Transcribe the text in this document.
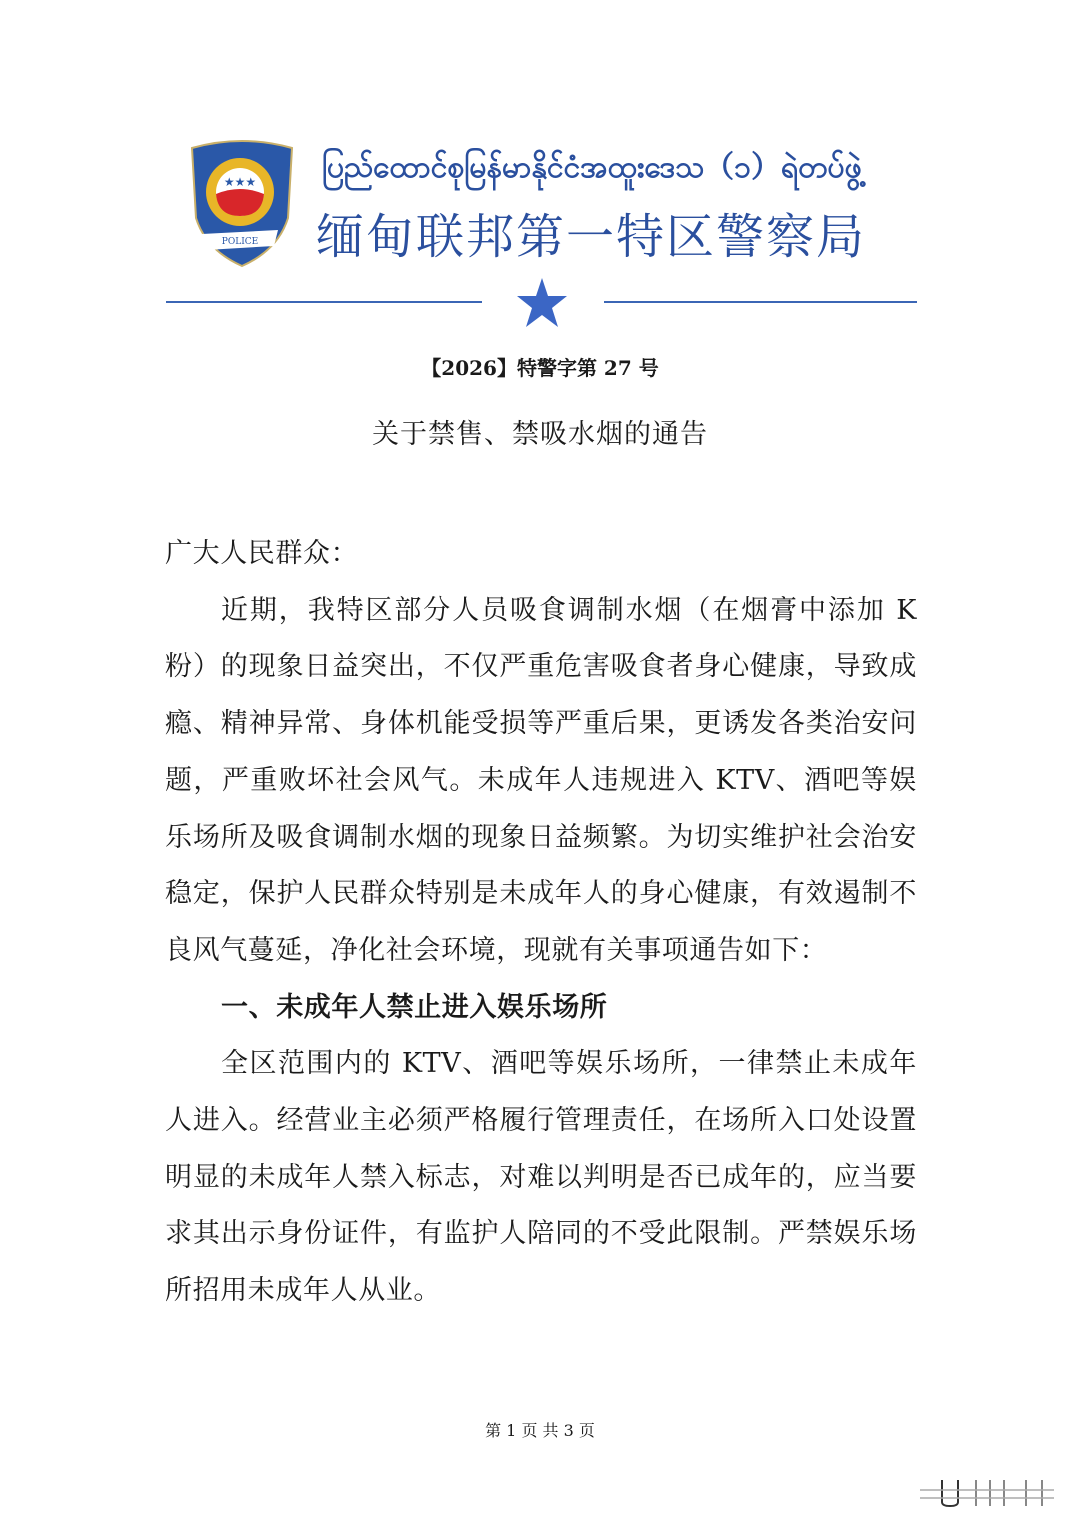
★★★
POLICE
ပြည်ထောင်စုမြန်မာနိုင်ငံအထူးဒေသ（၁）ရဲတပ်ဖွဲ့
缅甸联邦第一特区警察局
【2026】特警字第 27 号
关于禁售、禁吸水烟的通告

广大人民群众：

近期，我特区部分人员吸食调制水烟（在烟膏中添加 K 粉）的现象日益突出，不仅严重危害吸食者身心健康，导致成瘾、精神异常、身体机能受损等严重后果，更诱发各类治安问题，严重败坏社会风气。未成年人违规进入 KTV、酒吧等娱乐场所及吸食调制水烟的现象日益频繁。为切实维护社会治安稳定，保护人民群众特别是未成年人的身心健康，有效遏制不良风气蔓延，净化社会环境，现就有关事项通告如下：

一、未成年人禁止进入娱乐场所

全区范围内的 KTV、酒吧等娱乐场所，一律禁止未成年人进入。经营业主必须严格履行管理责任，在场所入口处设置明显的未成年人禁入标志，对难以判明是否已成年的，应当要求其出示身份证件，有监护人陪同的不受此限制。严禁娱乐场所招用未成年人从业。

第 1 页 共 3 页
